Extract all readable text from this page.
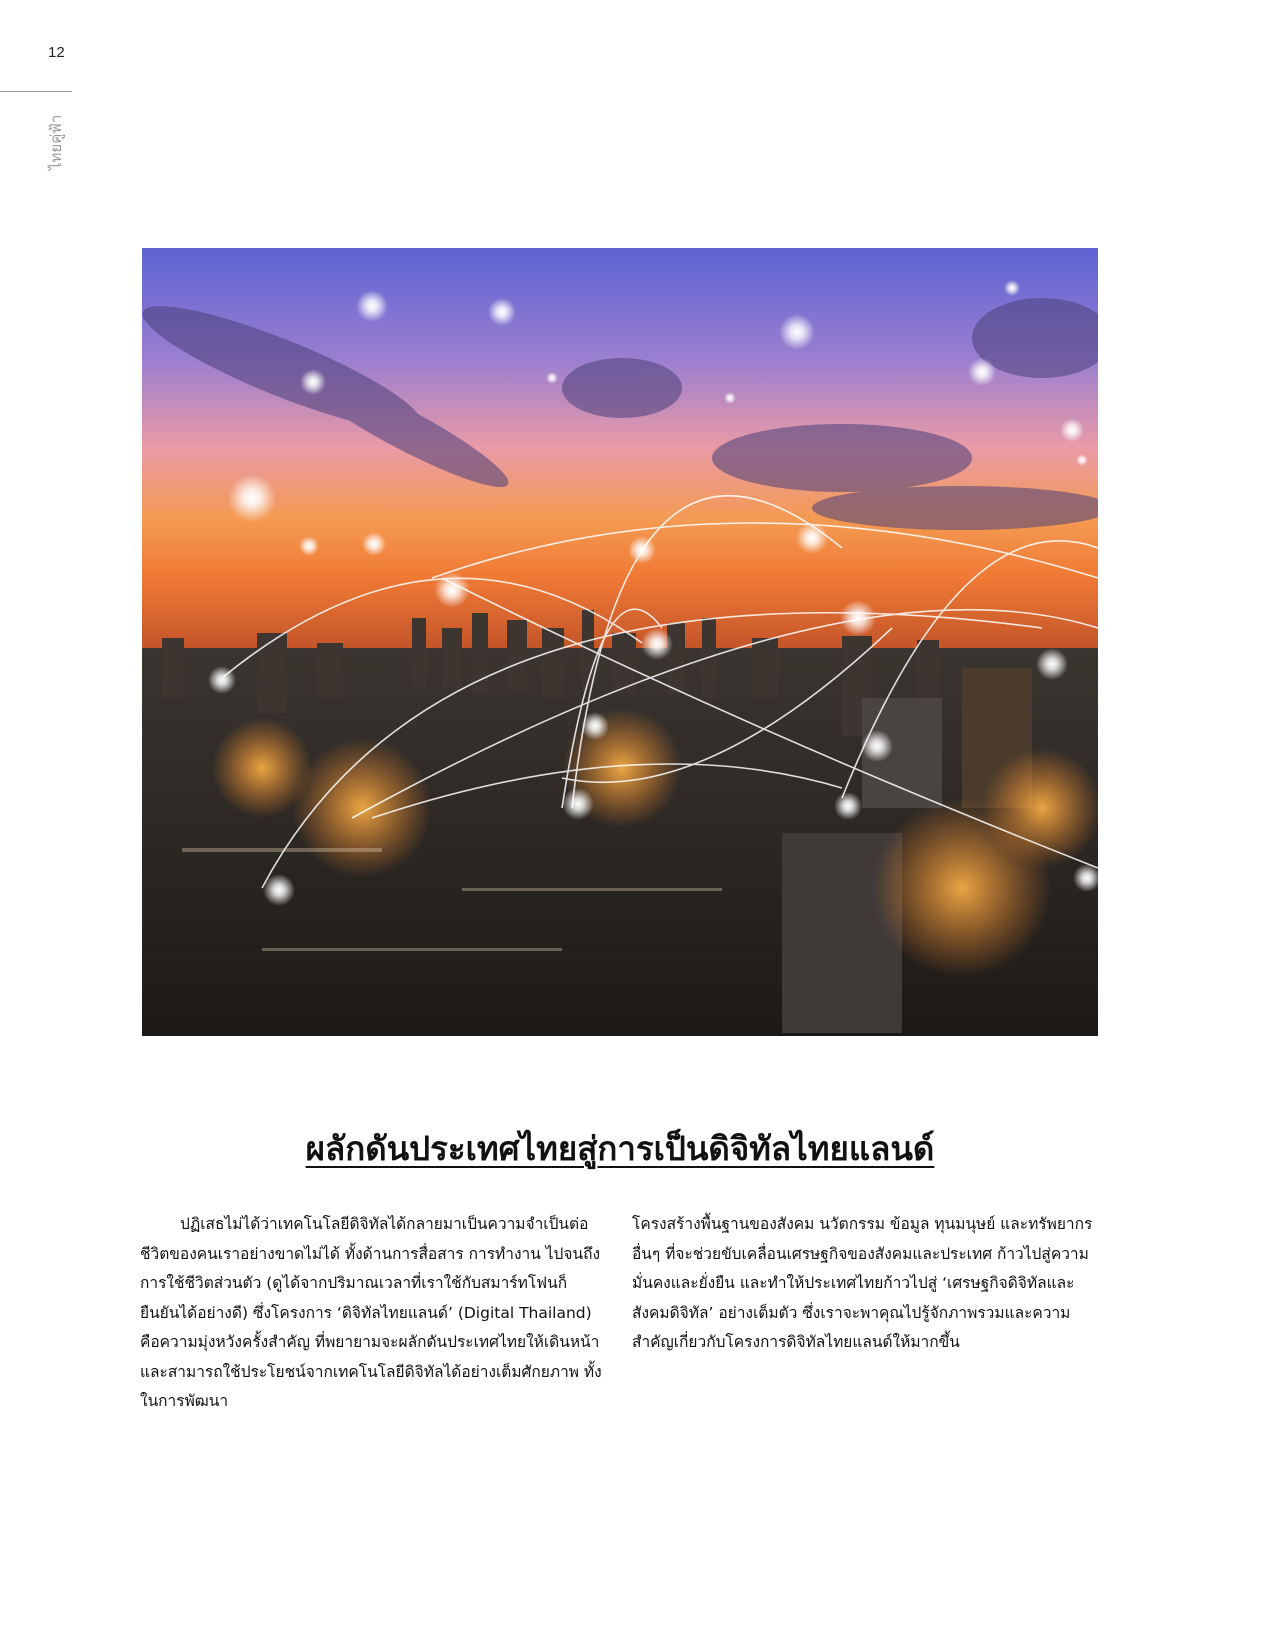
12
ไทยคู่ฟ้า
ผลักดันประเทศไทยสู่การเป็นดิจิทัลไทยแลนด์

ปฏิเสธไม่ได้ว่าเทคโนโลยีดิจิทัลได้กลายมาเป็นความจำเป็นต่อชีวิตของคนเราอย่างขาดไม่ได้ ทั้งด้านการสื่อสาร การทำงาน ไปจนถึงการใช้ชีวิตส่วนตัว (ดูได้จากปริมาณเวลาที่เราใช้กับสมาร์ทโฟนก็ยืนยันได้อย่างดี) ซึ่งโครงการ ‘ดิจิทัลไทยแลนด์’ (Digital Thailand) คือความมุ่งหวังครั้งสำคัญ ที่พยายามจะผลักดันประเทศไทยให้เดินหน้าและสามารถใช้ประโยชน์จากเทคโนโลยีดิจิทัลได้อย่างเต็มศักยภาพ ทั้งในการพัฒนา

โครงสร้างพื้นฐานของสังคม นวัตกรรม ข้อมูล ทุนมนุษย์ และทรัพยากรอื่นๆ ที่จะช่วยขับเคลื่อนเศรษฐกิจของสังคมและประเทศ ก้าวไปสู่ความมั่นคงและยั่งยืน และทำให้ประเทศไทยก้าวไปสู่ ‘เศรษฐกิจดิจิทัลและสังคมดิจิทัล’ อย่างเต็มตัว ซึ่งเราจะพาคุณไปรู้จักภาพรวมและความสำคัญเกี่ยวกับโครงการดิจิทัลไทยแลนด์ให้มากขึ้น
